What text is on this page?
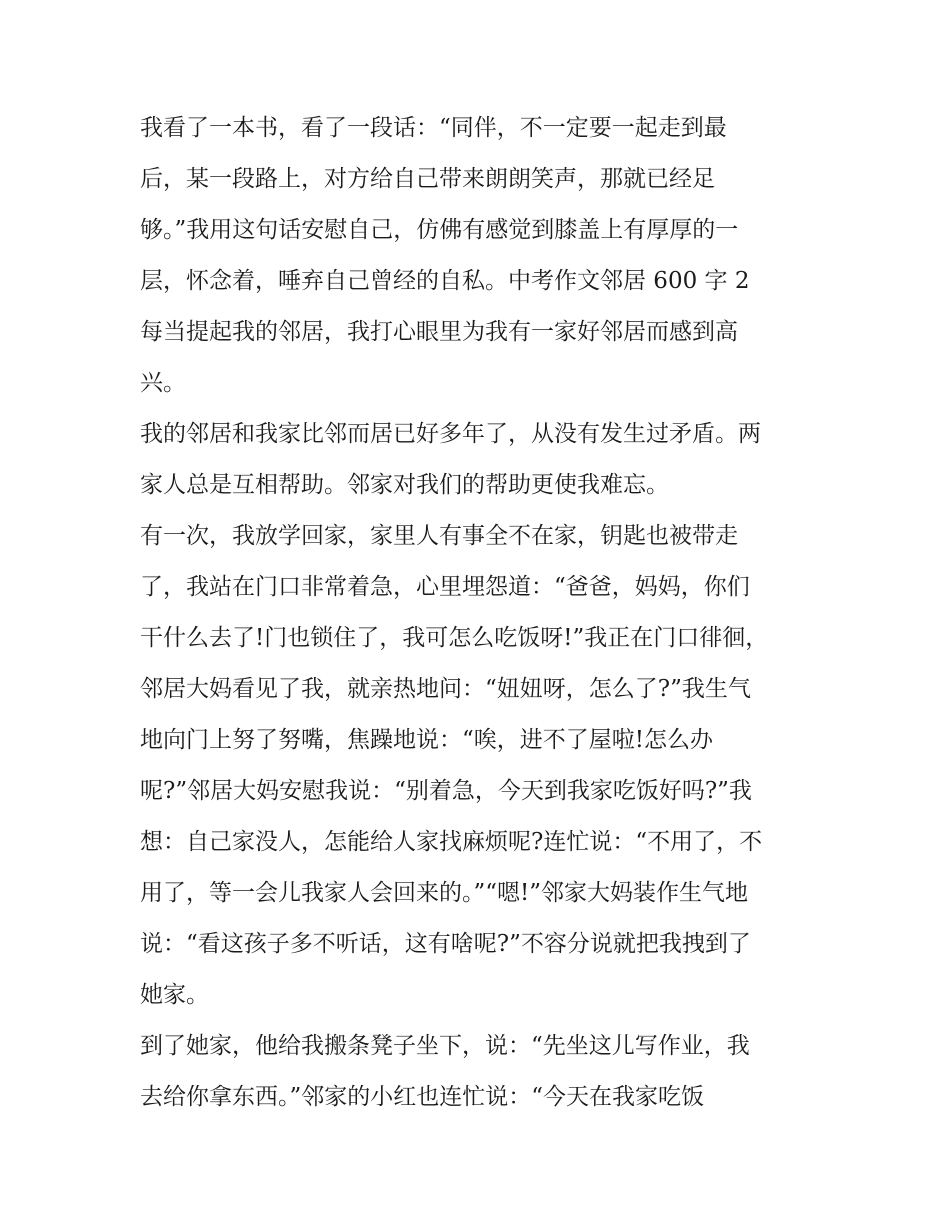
我看了一本书，看了一段话：“同伴，不一定要一起走到最
后，某一段路上，对方给自己带来朗朗笑声，那就已经足
够。”我用这句话安慰自己，仿佛有感觉到膝盖上有厚厚的一
层，怀念着，唾弃自己曾经的自私。中考作文邻居 600 字 2
每当提起我的邻居，我打心眼里为我有一家好邻居而感到高
兴。
我的邻居和我家比邻而居已好多年了，从没有发生过矛盾。两
家人总是互相帮助。邻家对我们的帮助更使我难忘。
有一次，我放学回家，家里人有事全不在家，钥匙也被带走
了，我站在门口非常着急，心里埋怨道：“爸爸，妈妈，你们
干什么去了!门也锁住了，我可怎么吃饭呀!”我正在门口徘徊，
邻居大妈看见了我，就亲热地问：“妞妞呀，怎么了?”我生气
地向门上努了努嘴，焦躁地说：“唉，进不了屋啦!怎么办
呢?”邻居大妈安慰我说：“别着急，今天到我家吃饭好吗?”我
想：自己家没人，怎能给人家找麻烦呢?连忙说：“不用了，不
用了，等一会儿我家人会回来的。”“嗯!”邻家大妈装作生气地
说：“看这孩子多不听话，这有啥呢?”不容分说就把我拽到了
她家。
到了她家，他给我搬条凳子坐下，说：“先坐这儿写作业，我
去给你拿东西。”邻家的小红也连忙说：“今天在我家吃饭
